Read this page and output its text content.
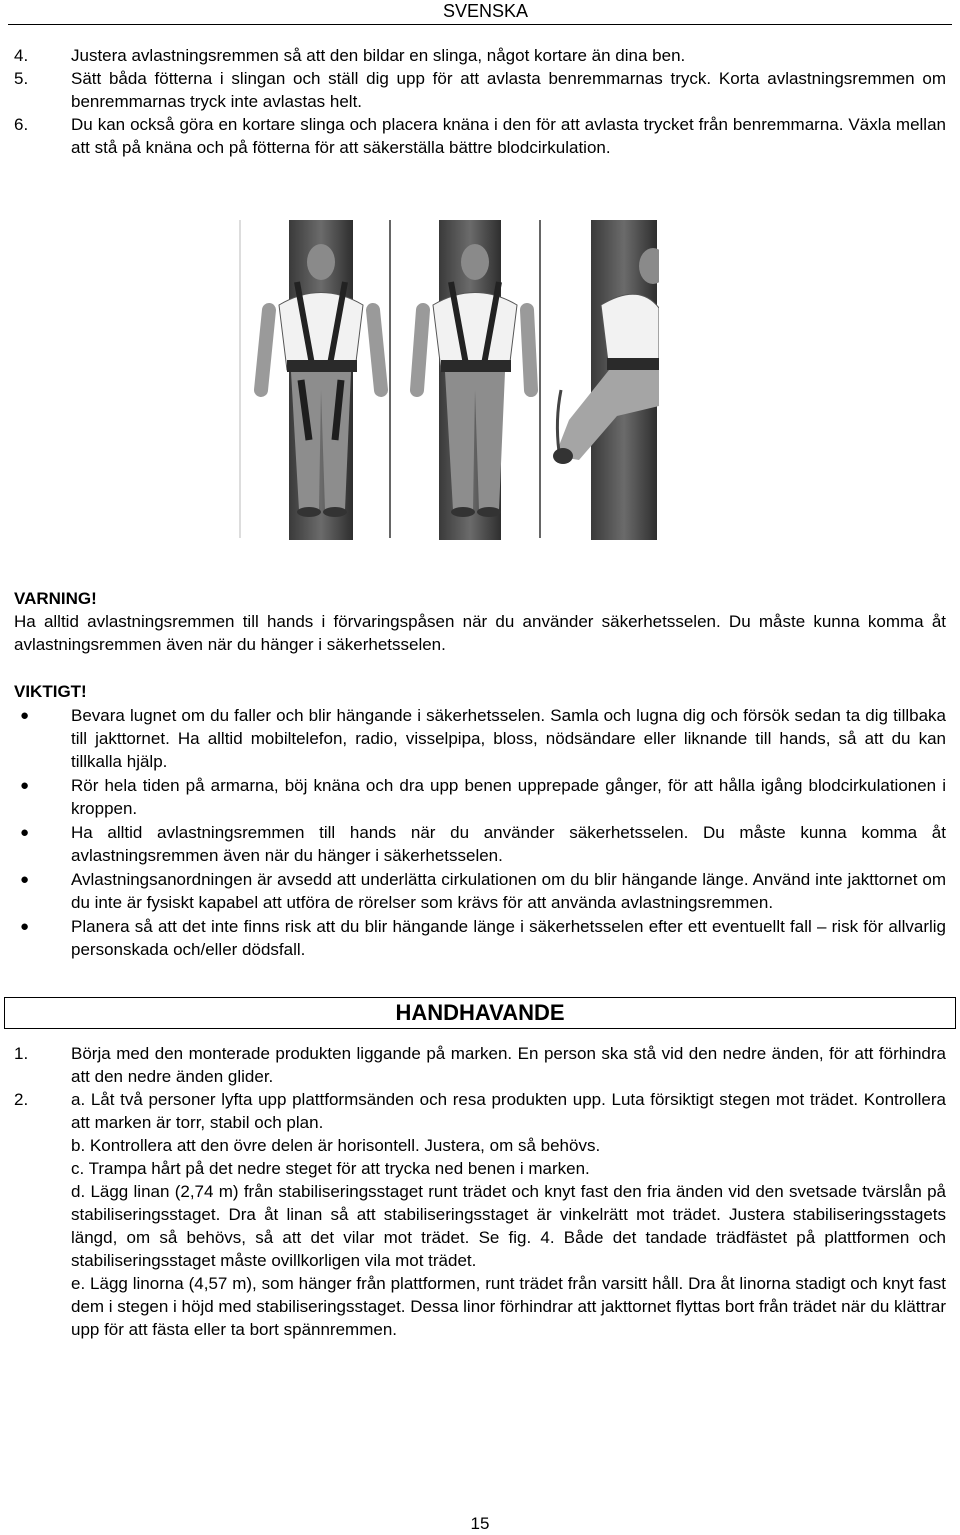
SVENSKA
4.	Justera avlastningsremmen så att den bildar en slinga, något kortare än dina ben.
5.	Sätt båda fötterna i slingan och ställ dig upp för att avlasta benremmarnas tryck. Korta avlastningsremmen om benremmarnas tryck inte avlastas helt.
6.	Du kan också göra en kortare slinga och placera knäna i den för att avlasta trycket från benremmarna. Växla mellan att stå på knäna och på fötterna för att säkerställa bättre blodcirkulation.
VARNING!

Ha alltid avlastningsremmen till hands i förvaringspåsen när du använder säkerhetsselen. Du måste kunna komma åt avlastningsremmen även när du hänger i säkerhetsselen.

VIKTIGT!
●	Bevara lugnet om du faller och blir hängande i säkerhetsselen. Samla och lugna dig och försök sedan ta dig tillbaka till jakttornet. Ha alltid mobiltelefon, radio, visselpipa, bloss, nödsändare eller liknande till hands, så att du kan tillkalla hjälp.
●	Rör hela tiden på armarna, böj knäna och dra upp benen upprepade gånger, för att hålla igång blodcirkulationen i kroppen.
●	Ha alltid avlastningsremmen till hands när du använder säkerhetsselen. Du måste kunna komma åt avlastningsremmen även när du hänger i säkerhetsselen.
●	Avlastningsanordningen är avsedd att underlätta cirkulationen om du blir hängande länge. Använd inte jakttornet om du inte är fysiskt kapabel att utföra de rörelser som krävs för att använda avlastningsremmen.
●	Planera så att det inte finns risk att du blir hängande länge i säkerhetsselen efter ett eventuellt fall – risk för allvarlig personskada och/eller dödsfall.
HANDHAVANDE
1.	Börja med den monterade produkten liggande på marken. En person ska stå vid den nedre änden, för att förhindra att den nedre änden glider.

2.	a. Låt två personer lyfta upp plattformsänden och resa produkten upp. Luta försiktigt stegen mot trädet. Kontrollera att marken är torr, stabil och plan.

b. Kontrollera att den övre delen är horisontell. Justera, om så behövs.

c. Trampa hårt på det nedre steget för att trycka ned benen i marken.

d. Lägg linan (2,74 m) från stabiliseringsstaget runt trädet och knyt fast den fria änden vid den svetsade tvärslån på stabiliseringsstaget. Dra åt linan så att stabiliseringsstaget är vinkelrätt mot trädet. Justera stabiliseringsstagets längd, om så behövs, så att det vilar mot trädet. Se fig. 4. Både det tandade trädfästet på plattformen och stabiliseringsstaget måste ovillkorligen vila mot trädet.

e. Lägg linorna (4,57 m), som hänger från plattformen, runt trädet från varsitt håll. Dra åt linorna stadigt och knyt fast dem i stegen i höjd med stabiliseringsstaget. Dessa linor förhindrar att jakttornet flyttas bort från trädet när du klättrar upp för att fästa eller ta bort spännremmen.

15
